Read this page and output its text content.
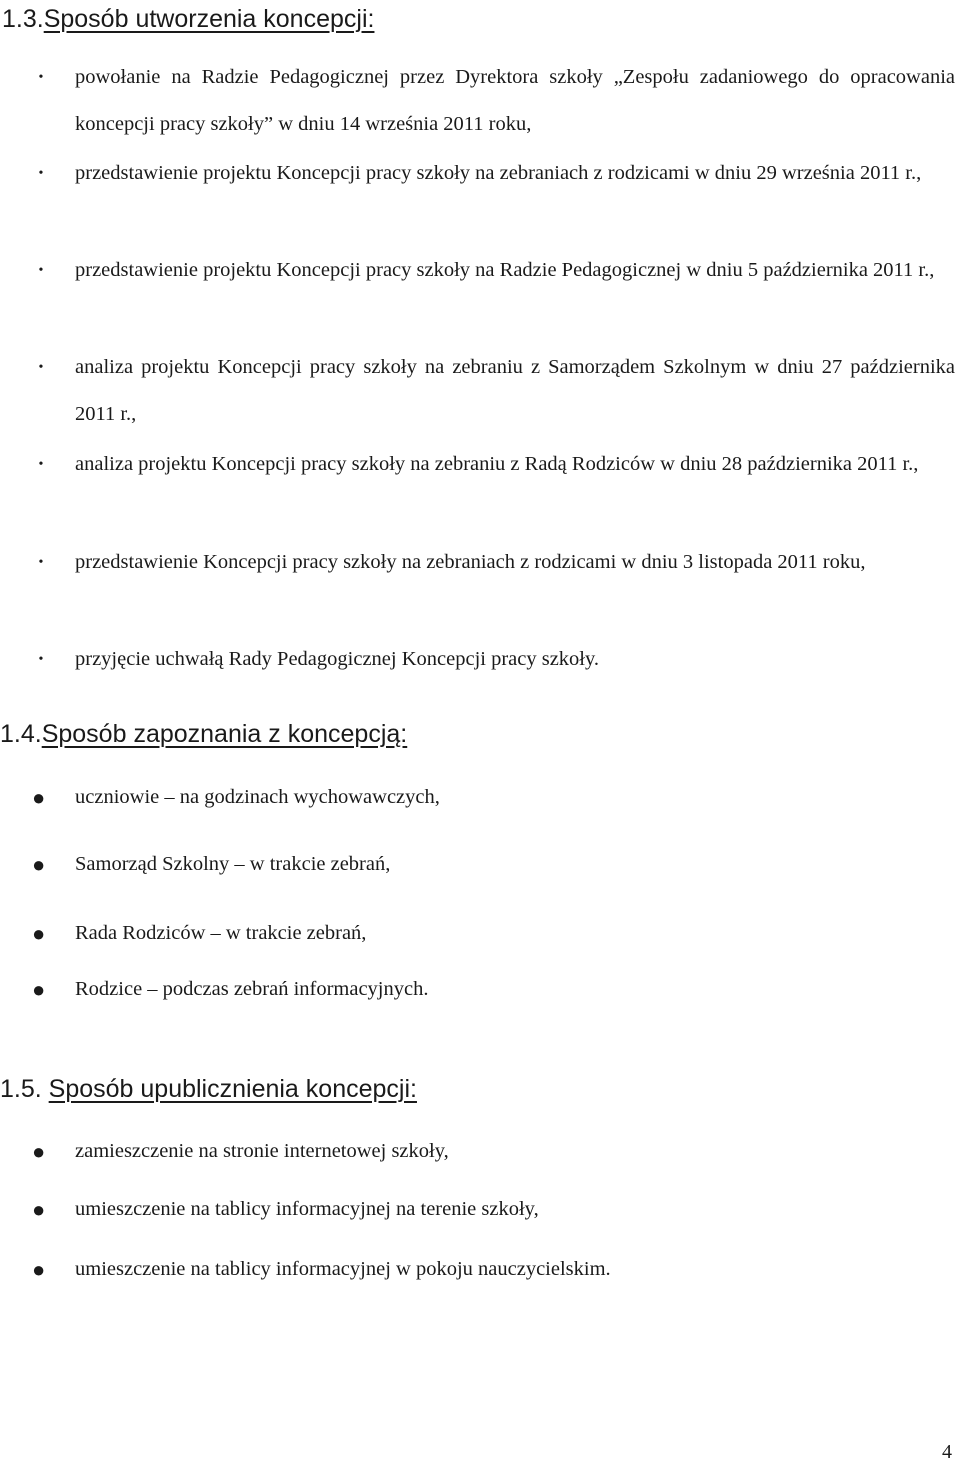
1.3.Sposób utworzenia koncepcji:
• powołanie na Radzie Pedagogicznej przez Dyrektora szkoły „Zespołu zadaniowego do opracowania koncepcji pracy szkoły” w dniu 14 września 2011 roku,
• przedstawienie projektu Koncepcji pracy szkoły na zebraniach z rodzicami w dniu 29 września 2011 r.,
• przedstawienie projektu Koncepcji pracy szkoły na Radzie Pedagogicznej w dniu 5 października 2011 r.,
• analiza projektu Koncepcji pracy szkoły na zebraniu z Samorządem Szkolnym w dniu 27 października 2011 r.,
• analiza projektu Koncepcji pracy szkoły na zebraniu z Radą Rodziców w dniu 28 października 2011 r.,
• przedstawienie Koncepcji pracy szkoły na zebraniach z rodzicami w dniu 3 listopada 2011 roku,
• przyjęcie uchwałą Rady Pedagogicznej Koncepcji pracy szkoły.
1.4.Sposób zapoznania z koncepcją:
● uczniowie – na godzinach wychowawczych,
● Samorząd Szkolny – w trakcie zebrań,
● Rada Rodziców – w trakcie zebrań,
● Rodzice – podczas zebrań informacyjnych.
1.5. Sposób upublicznienia koncepcji:
● zamieszczenie na stronie internetowej szkoły,
● umieszczenie na tablicy informacyjnej na terenie szkoły,
● umieszczenie na tablicy informacyjnej w pokoju nauczycielskim.
4
